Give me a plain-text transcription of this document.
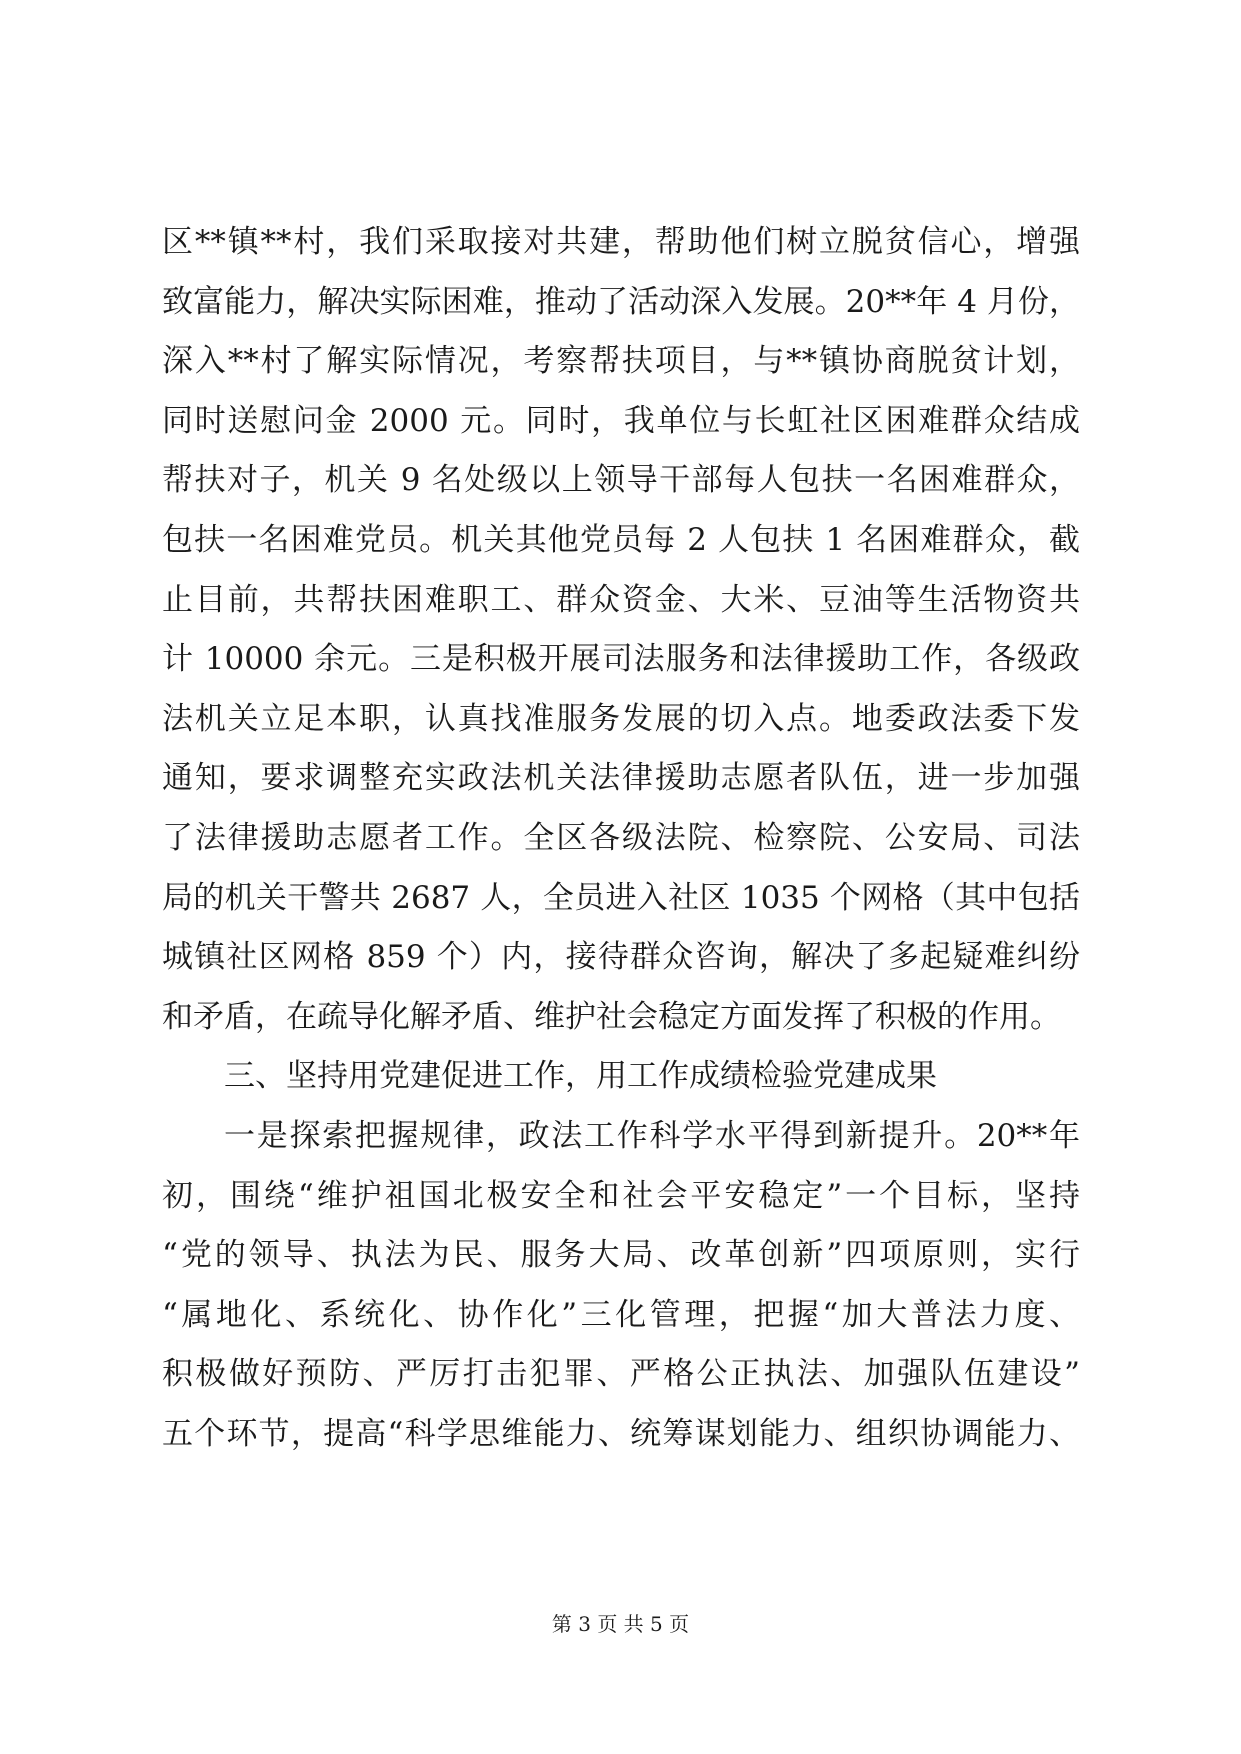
区**镇**村，我们采取接对共建，帮助他们树立脱贫信心，增强
致富能力，解决实际困难，推动了活动深入发展。20**年 4 月份，
深入**村了解实际情况，考察帮扶项目，与**镇协商脱贫计划，
同时送慰问金 2000 元。同时，我单位与长虹社区困难群众结成
帮扶对子，机关 9 名处级以上领导干部每人包扶一名困难群众，
包扶一名困难党员。机关其他党员每 2 人包扶 1 名困难群众，截
止目前，共帮扶困难职工、群众资金、大米、豆油等生活物资共
计 10000 余元。三是积极开展司法服务和法律援助工作，各级政
法机关立足本职，认真找准服务发展的切入点。地委政法委下发
通知，要求调整充实政法机关法律援助志愿者队伍，进一步加强
了法律援助志愿者工作。全区各级法院、检察院、公安局、司法
局的机关干警共 2687 人，全员进入社区 1035 个网格（其中包括
城镇社区网格 859 个）内，接待群众咨询，解决了多起疑难纠纷
和矛盾，在疏导化解矛盾、维护社会稳定方面发挥了积极的作用。
三、坚持用党建促进工作，用工作成绩检验党建成果
一是探索把握规律，政法工作科学水平得到新提升。20**年
初，围绕“维护祖国北极安全和社会平安稳定”一个目标，坚持
“党的领导、执法为民、服务大局、改革创新”四项原则，实行
“属地化、系统化、协作化”三化管理，把握“加大普法力度、
积极做好预防、严厉打击犯罪、严格公正执法、加强队伍建设”
五个环节，提高“科学思维能力、统筹谋划能力、组织协调能力、
第 3 页 共 5 页
